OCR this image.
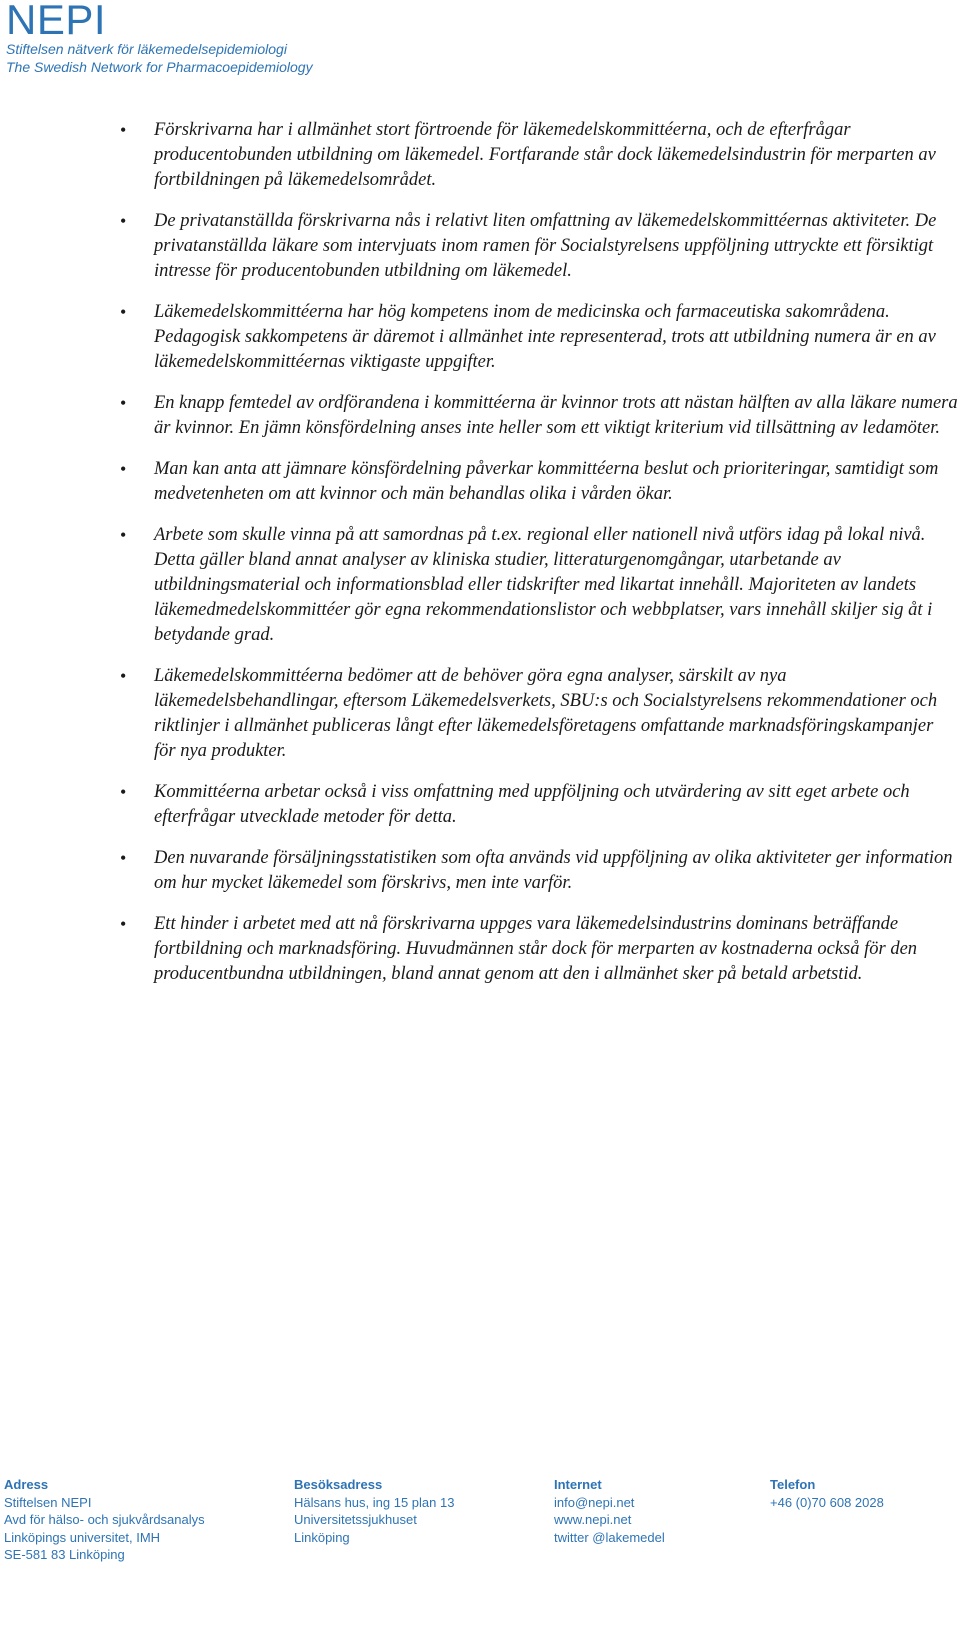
NEPI
Stiftelsen nätverk för läkemedelsepidemiologi
The Swedish Network for Pharmacoepidemiology
• Förskrivarna har i allmänhet stort förtroende för läkemedelskommittéerna, och de efterfrågar producentobunden utbildning om läkemedel. Fortfarande står dock läkemedelsindustrin för merparten av fortbildningen på läkemedelsområdet.
• De privatanställda förskrivarna nås i relativt liten omfattning av läkemedelskommittéernas aktiviteter. De privatanställda läkare som intervjuats inom ramen för Socialstyrelsens uppföljning uttryckte ett försiktigt intresse för producentobunden utbildning om läkemedel.
• Läkemedelskommittéerna har hög kompetens inom de medicinska och farmaceutiska sakområdena. Pedagogisk sakkompetens är däremot i allmänhet inte representerad, trots att utbildning numera är en av läkemedelskommittéernas viktigaste uppgifter.
• En knapp femtedel av ordförandena i kommittéerna är kvinnor trots att nästan hälften av alla läkare numera är kvinnor. En jämn könsfördelning anses inte heller som ett viktigt kriterium vid tillsättning av ledamöter.
• Man kan anta att jämnare könsfördelning påverkar kommittéerna beslut och prioriteringar, samtidigt som medvetenheten om att kvinnor och män behandlas olika i vården ökar.
• Arbete som skulle vinna på att samordnas på t.ex. regional eller nationell nivå utförs idag på lokal nivå. Detta gäller bland annat analyser av kliniska studier, litteraturgenomgångar, utarbetande av utbildningsmaterial och informationsblad eller tidskrifter med likartat innehåll. Majoriteten av landets läkemedmedelskommittéer gör egna rekommendationslistor och webbplatser, vars innehåll skiljer sig åt i betydande grad.
• Läkemedelskommittéerna bedömer att de behöver göra egna analyser, särskilt av nya läkemedelsbehandlingar, eftersom Läkemedelsverkets, SBU:s och Socialstyrelsens rekommendationer och riktlinjer i allmänhet publiceras långt efter läkemedelsföretagens omfattande marknadsföringskampanjer för nya produkter.
• Kommittéerna arbetar också i viss omfattning med uppföljning och utvärdering av sitt eget arbete och efterfrågar utvecklade metoder för detta.
• Den nuvarande försäljningsstatistiken som ofta används vid uppföljning av olika aktiviteter ger information om hur mycket läkemedel som förskrivs, men inte varför.
• Ett hinder i arbetet med att nå förskrivarna uppges vara läkemedelsindustrins dominans beträffande fortbildning och marknadsföring. Huvudmännen står dock för merparten av kostnaderna också för den producentbundna utbildningen, bland annat genom att den i allmänhet sker på betald arbetstid.
Adress
Stiftelsen NEPI
Avd för hälso- och sjukvårdsanalys
Linköpings universitet, IMH
SE-581 83 Linköping
Besöksadress
Hälsans hus, ing 15 plan 13
Universitetssjukhuset
Linköping
Internet
info@nepi.net
www.nepi.net
twitter @lakemedel
Telefon
+46 (0)70 608 2028
